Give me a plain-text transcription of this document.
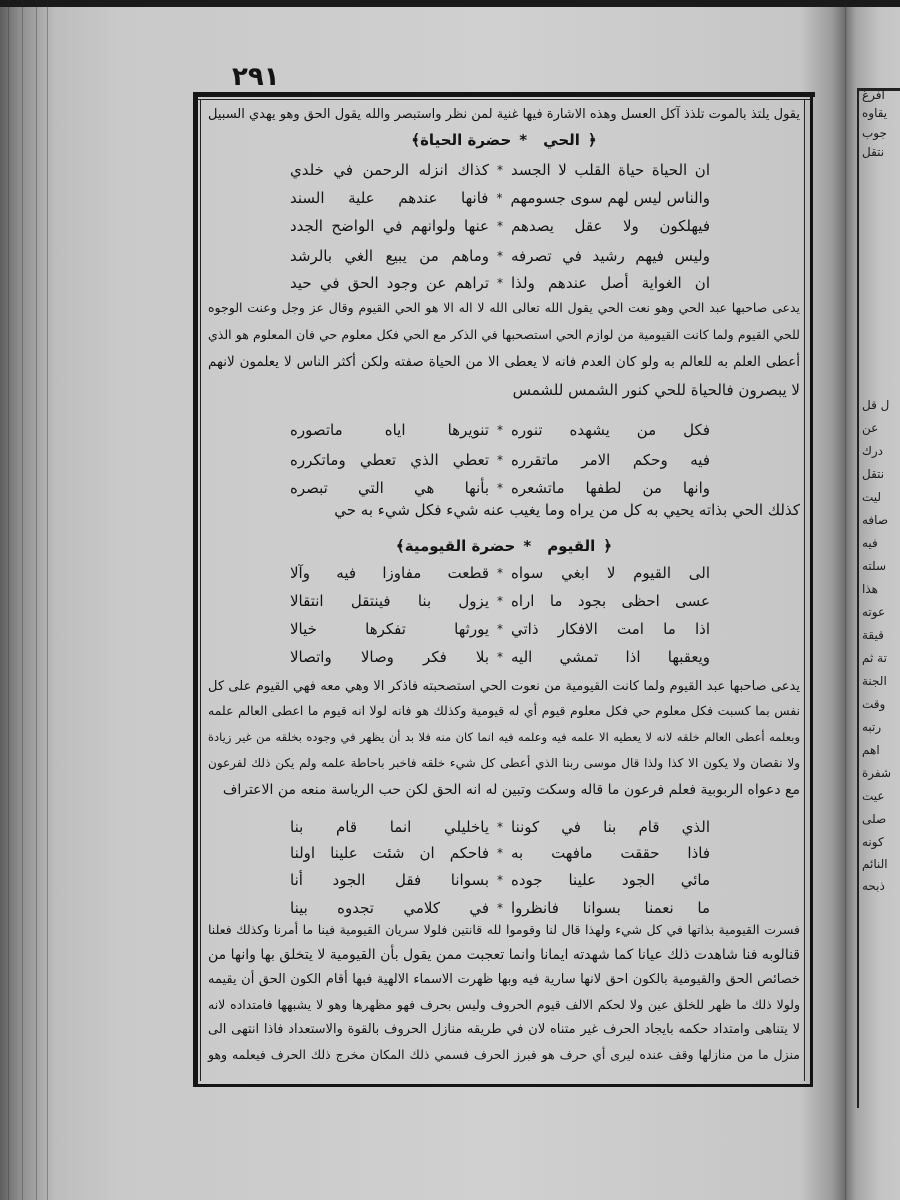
٢٩١
يقول يلتذ بالموت تلذذ آكل العسل وهذه الاشارة فيها غنية لمن نظر واستبصر والله يقول الحق وهو يهدي السبيل
﴿الحي*حضرة الحياة﴾
ان الحياة حياة القلب لا الجسد
*
كذاك انزله الرحمن في خلدي
والناس ليس لهم سوى جسومهم
*
فانها عندهم علية السند
فيهلكون ولا عقل يصدهم
*
عنها ولوانهم في الواضح الجدد
وليس فيهم رشيد في تصرفه
*
وماهم من يبيع الغي بالرشد
ان الغواية أصل عندهم ولذا
*
تراهم عن وجود الحق في حيد
يدعى صاحبها عبد الحي وهو نعت الحي يقول الله تعالى الله لا اله الا هو الحي القيوم وقال عز وجل وعنت الوجوه
للحي القيوم ولما كانت القيومية من لوازم الحي استصحبها في الذكر مع الحي فكل معلوم حي فان المعلوم هو الذي
أعطى العلم به للعالم به ولو كان العدم فانه لا يعطى الا من الحياة صفته ولكن أكثر الناس لا يعلمون لانهم
لا يبصرون فالحياة للحي كنور الشمس للشمس
فكل من يشهده تنوره
*
تنويرها اياه ماتصوره
فيه وحكم الامر ماتقرره
*
تعطي الذي تعطي وماتكرره
وانها من لطفها ماتشعره
*
بأنها هي التي تبصره
كذلك الحي بذاته يحيي به كل من يراه وما يغيب عنه شيء فكل شيء به حي
﴿القيوم*حضرة القيومية﴾
الى القيوم لا ابغي سواه
*
قطعت مفاوزا فيه وآلا
عسى احظى بجود ما اراه
*
يزول بنا فينتقل انتقالا
اذا ما امت الافكار ذاتي
*
يورثها تفكرها خيالا
ويعقبها اذا تمشي اليه
*
بلا فكر وصالا واتصالا
يدعى صاحبها عبد القيوم ولما كانت القيومية من نعوت الحي استصحبته فاذكر الا وهي معه فهي القيوم على كل
نفس بما كسبت فكل معلوم حي فكل معلوم قيوم أي له قيومية وكذلك هو فانه لولا انه قيوم ما اعطى العالم علمه
وبعلمه أعطى العالم خلقه لانه لا يعطيه الا علمه فيه وعلمه فيه انما كان منه فلا بد أن يظهر في وجوده بخلقه من غير زيادة
ولا نقصان ولا يكون الا كذا ولذا قال موسى ربنا الذي أعطى كل شيء خلقه فاخبر باحاطة علمه ولم يكن ذلك لفرعون
مع دعواه الربوبية فعلم فرعون ما قاله وسكت وتبين له انه الحق لكن حب الرياسة منعه من الاعتراف
الذي قام بنا في كوننا
*
ياخليلي انما قام بنا
فاذا حققت مافهت به
*
فاحكم ان شئت علينا اولنا
مائي الجود علينا جوده
*
بسوانا فقل الجود أنا
ما نعمنا بسوانا فانظروا
*
في كلامي تجدوه بينا
فسرت القيومية بذاتها في كل شيء ولهذا قال لنا وقوموا لله قانتين فلولا سريان القيومية فينا ما أمرنا وكذلك فعلنا
قنالوبه فنا شاهدت ذلك عيانا كما شهدته ايمانا وانما تعجبت ممن يقول بأن القيومية لا يتخلق بها وانها من
خصائص الحق والقيومية بالكون احق لانها سارية فيه وبها ظهرت الاسماء الالهية فبها أقام الكون الحق أن يقيمه
ولولا ذلك ما ظهر للخلق عين ولا لحكم الالف قيوم الحروف وليس بحرف فهو مظهرها وهو لا يشبهها فامتداده لانه
لا يتناهى وامتداد حكمه بايجاد الحرف غير متناه لان في طريقه منازل الحروف بالقوة والاستعداد فاذا انتهى الى
منزل ما من منازلها وقف عنده ليرى أي حرف هو فبرز الحرف فسمي ذلك المكان مخرج ذلك الحرف فيعلمه وهو
افرغ
يقاوه
جوب
نتقل
ل قل
عن
درك
نتقل
ليت
صافه
فيه
سلته
هذا
عوته
قيقة
تة ثم
الجنة
وقت
رتبه
اهم
شفرة
عيت
صلى
كونه
النائم
ذبحه
